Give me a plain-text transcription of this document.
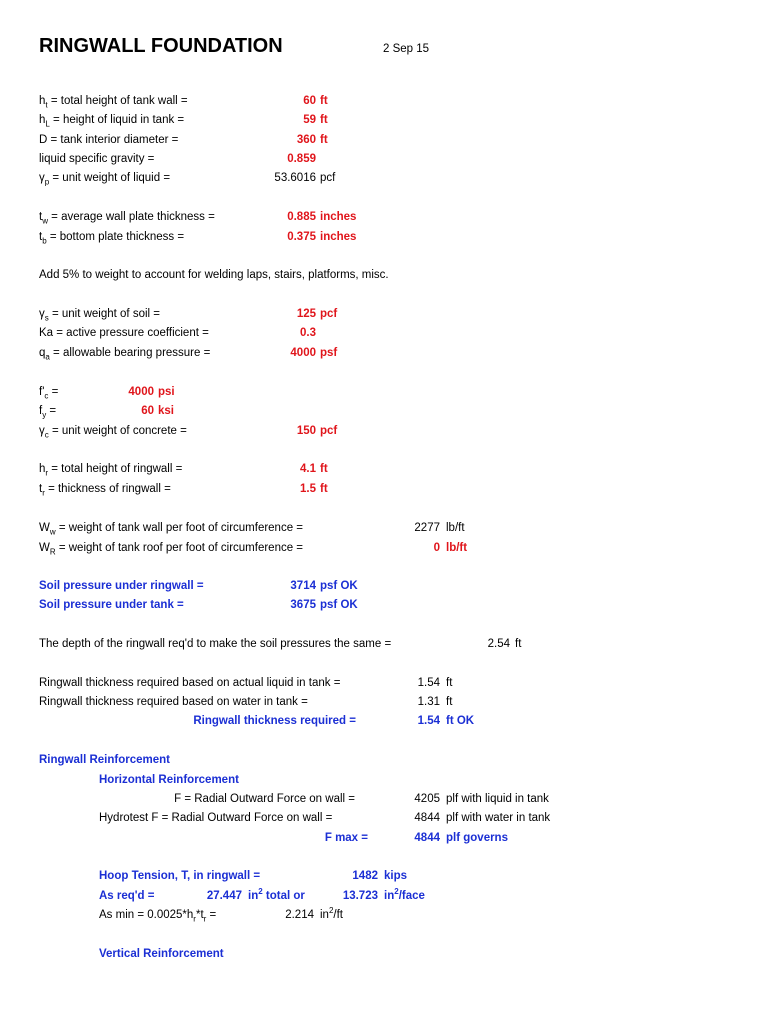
RINGWALL FOUNDATION	2 Sep 15
$h_t$ = total height of tank wall =	60 ft
$h_L$ = height of liquid in tank =	59 ft
D = tank interior diameter =	360 ft
liquid specific gravity =	0.859
$\gamma_p$ = unit weight of liquid =	53.6016 pcf
$t_w$ = average wall plate thickness =	0.885 inches
$t_b$ = bottom plate thickness =	0.375 inches
Add 5% to weight to account for welding laps, stairs, platforms, misc.
$\gamma_s$ = unit weight of soil =	125 pcf
Ka = active pressure coefficient =	0.3
$q_a$ = allowable bearing pressure =	4000 psf
$f'_c$ =	4000 psi
$f_y$ =	60 ksi
$\gamma_c$ = unit weight of concrete =	150 pcf
$h_r$ = total height of ringwall =	4.1 ft
$t_r$ = thickness of ringwall =	1.5 ft
$W_w$ = weight of tank wall per foot of circumference =	2277 lb/ft
$W_R$ = weight of tank roof per foot of circumference =	0 lb/ft
Soil pressure under ringwall =	3714 psf OK
Soil pressure under tank =	3675 psf OK
The depth of the ringwall req'd to make the soil pressures the same =	2.54 ft
Ringwall thickness required based on actual liquid in tank =	1.54 ft
Ringwall thickness required based on water in tank =	1.31 ft
Ringwall thickness required =	1.54 ft OK
Ringwall Reinforcement
Horizontal Reinforcement
F = Radial Outward Force on wall =	4205 plf with liquid in tank
Hydrotest F = Radial Outward Force on wall =	4844 plf with water in tank
F max =	4844 plf governs
Hoop Tension, T, in ringwall =	1482 kips
As req'd =	27.447 $in^2$ total or	13.723 $in^2$/face
As $\min = 0.0025*h_r*t_r$ =	2.214 $in^2/ft$
Vertical Reinforcement
